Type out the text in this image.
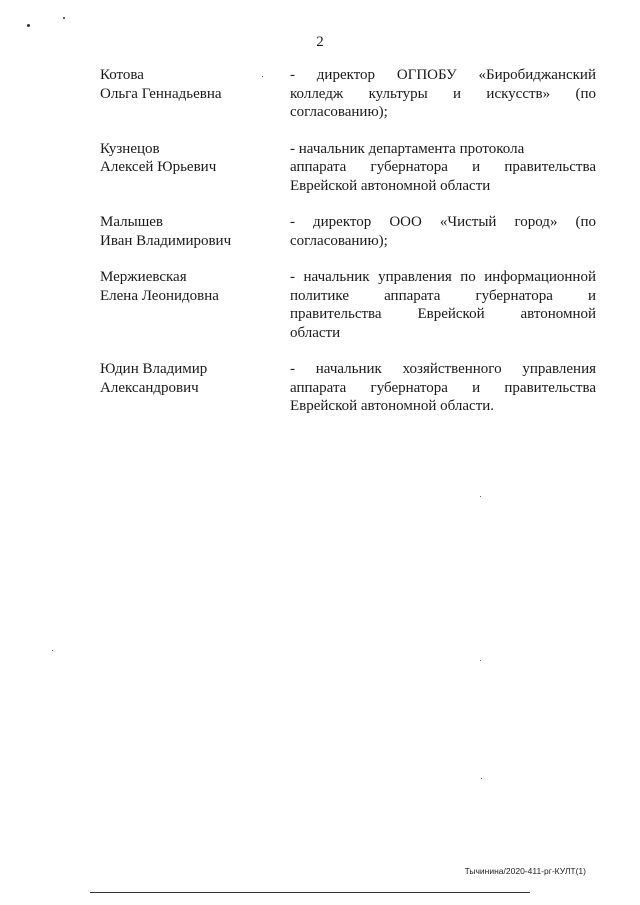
2
Котова
Ольга Геннадьевна
- директор ОГПОБУ «Биробиджанский
колледж культуры и искусств» (по
согласованию);
Кузнецов
Алексей Юрьевич
- начальник департамента протокола
аппарата губернатора и правительства
Еврейской автономной области
Малышев
Иван Владимирович
- директор ООО «Чистый город» (по
согласованию);
Мержиевская
Елена Леонидовна
- начальник управления по информационной
политике аппарата губернатора и
правительства Еврейской автономной
области
Юдин Владимир
Александрович
- начальник хозяйственного управления
аппарата губернатора и правительства
Еврейской автономной области.
Тычинина/2020-411-рг-КУЛТ(1)
